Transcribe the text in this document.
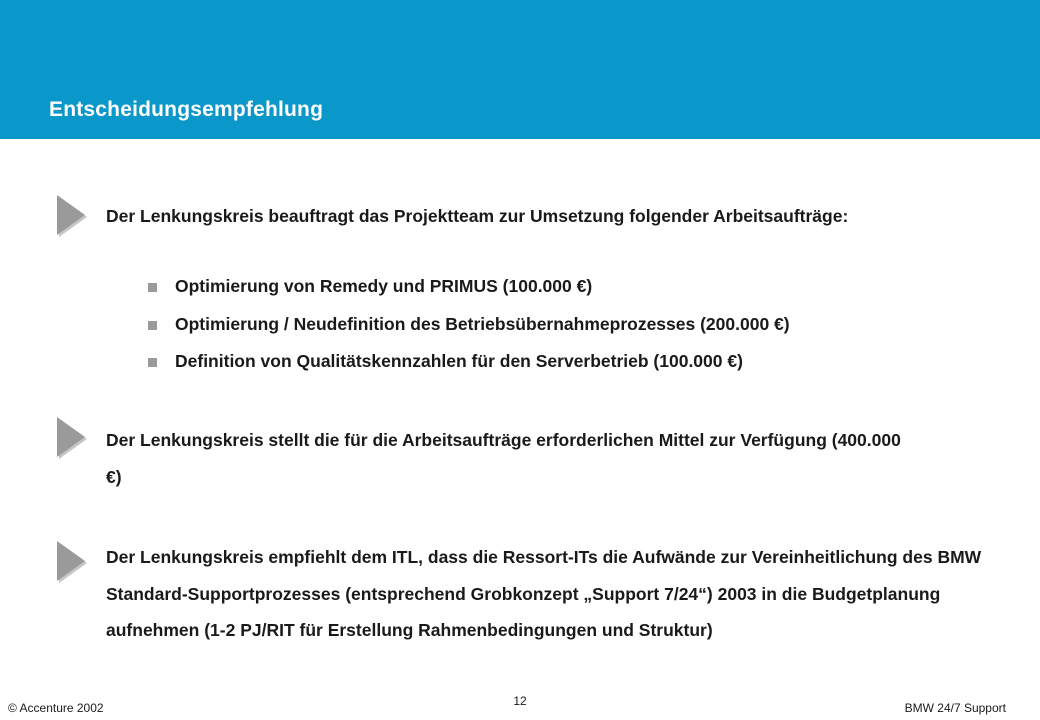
Entscheidungsempfehlung
Der Lenkungskreis beauftragt das Projektteam zur Umsetzung folgender Arbeitsaufträge:
Optimierung von Remedy und PRIMUS (100.000 €)
Optimierung / Neudefinition des Betriebsübernahmeprozesses (200.000 €)
Definition von Qualitätskennzahlen für den Serverbetrieb (100.000 €)
Der Lenkungskreis stellt die für die Arbeitsaufträge erforderlichen Mittel zur Verfügung (400.000 €)
Der Lenkungskreis empfiehlt dem ITL, dass die Ressort-ITs die Aufwände zur Vereinheitlichung des BMW Standard-Supportprozesses (entsprechend Grobkonzept „Support 7/24“) 2003 in die Budgetplanung aufnehmen (1-2 PJ/RIT für Erstellung Rahmenbedingungen und Struktur)
© Accenture 2002	12	BMW 24/7 Support
